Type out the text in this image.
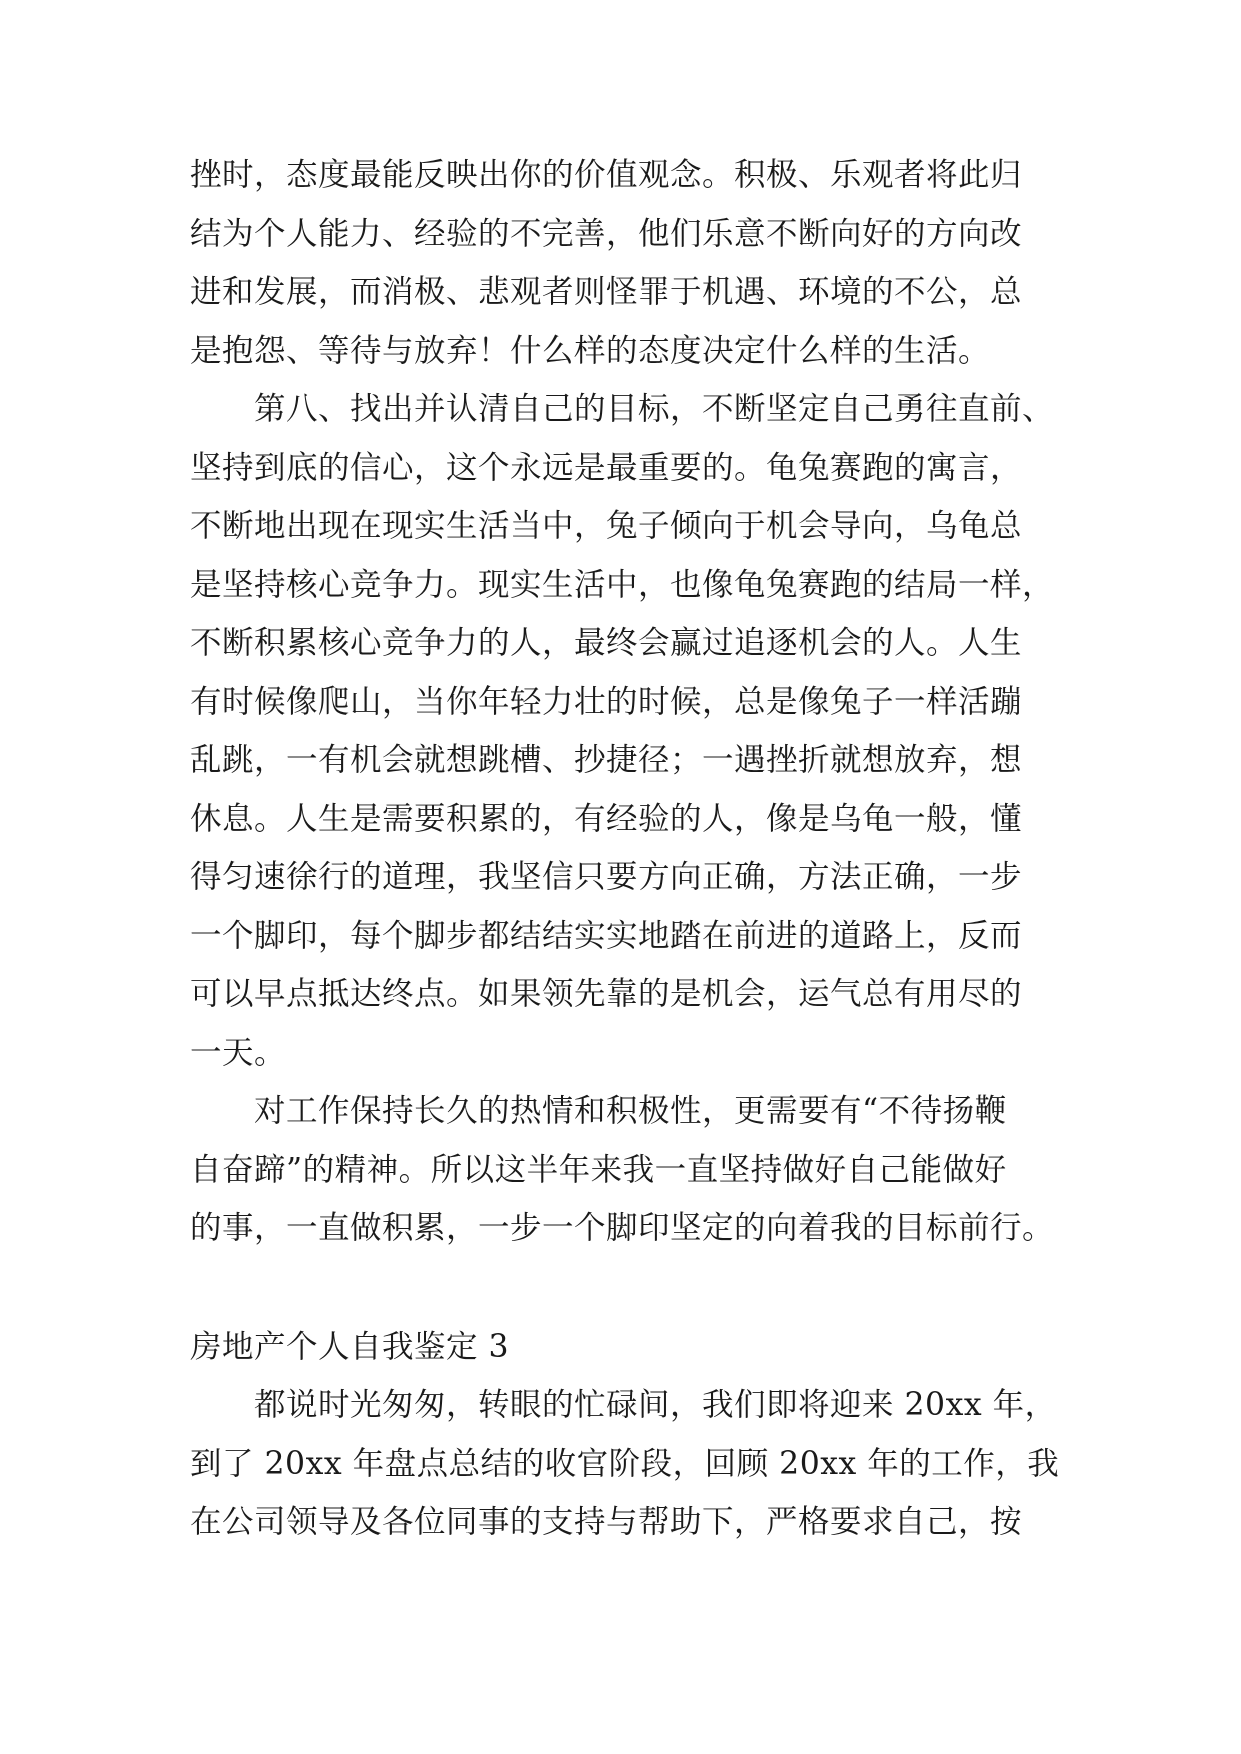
挫时，态度最能反映出你的价值观念。积极、乐观者将此归
结为个人能力、经验的不完善，他们乐意不断向好的方向改
进和发展，而消极、悲观者则怪罪于机遇、环境的不公，总
是抱怨、等待与放弃！什么样的态度决定什么样的生活。
第八、找出并认清自己的目标，不断坚定自己勇往直前、
坚持到底的信心，这个永远是最重要的。龟兔赛跑的寓言，
不断地出现在现实生活当中，兔子倾向于机会导向，乌龟总
是坚持核心竞争力。现实生活中，也像龟兔赛跑的结局一样，
不断积累核心竞争力的人，最终会赢过追逐机会的人。人生
有时候像爬山，当你年轻力壮的时候，总是像兔子一样活蹦
乱跳，一有机会就想跳槽、抄捷径；一遇挫折就想放弃，想
休息。人生是需要积累的，有经验的人，像是乌龟一般，懂
得匀速徐行的道理，我坚信只要方向正确，方法正确，一步
一个脚印，每个脚步都结结实实地踏在前进的道路上，反而
可以早点抵达终点。如果领先靠的是机会，运气总有用尽的
一天。
对工作保持长久的热情和积极性，更需要有“不待扬鞭
自奋蹄”的精神。所以这半年来我一直坚持做好自己能做好
的事，一直做积累，一步一个脚印坚定的向着我的目标前行。
房地产个人自我鉴定 3
都说时光匆匆，转眼的忙碌间，我们即将迎来 20xx 年，
到了 20xx 年盘点总结的收官阶段，回顾 20xx 年的工作，我
在公司领导及各位同事的支持与帮助下，严格要求自己，按
